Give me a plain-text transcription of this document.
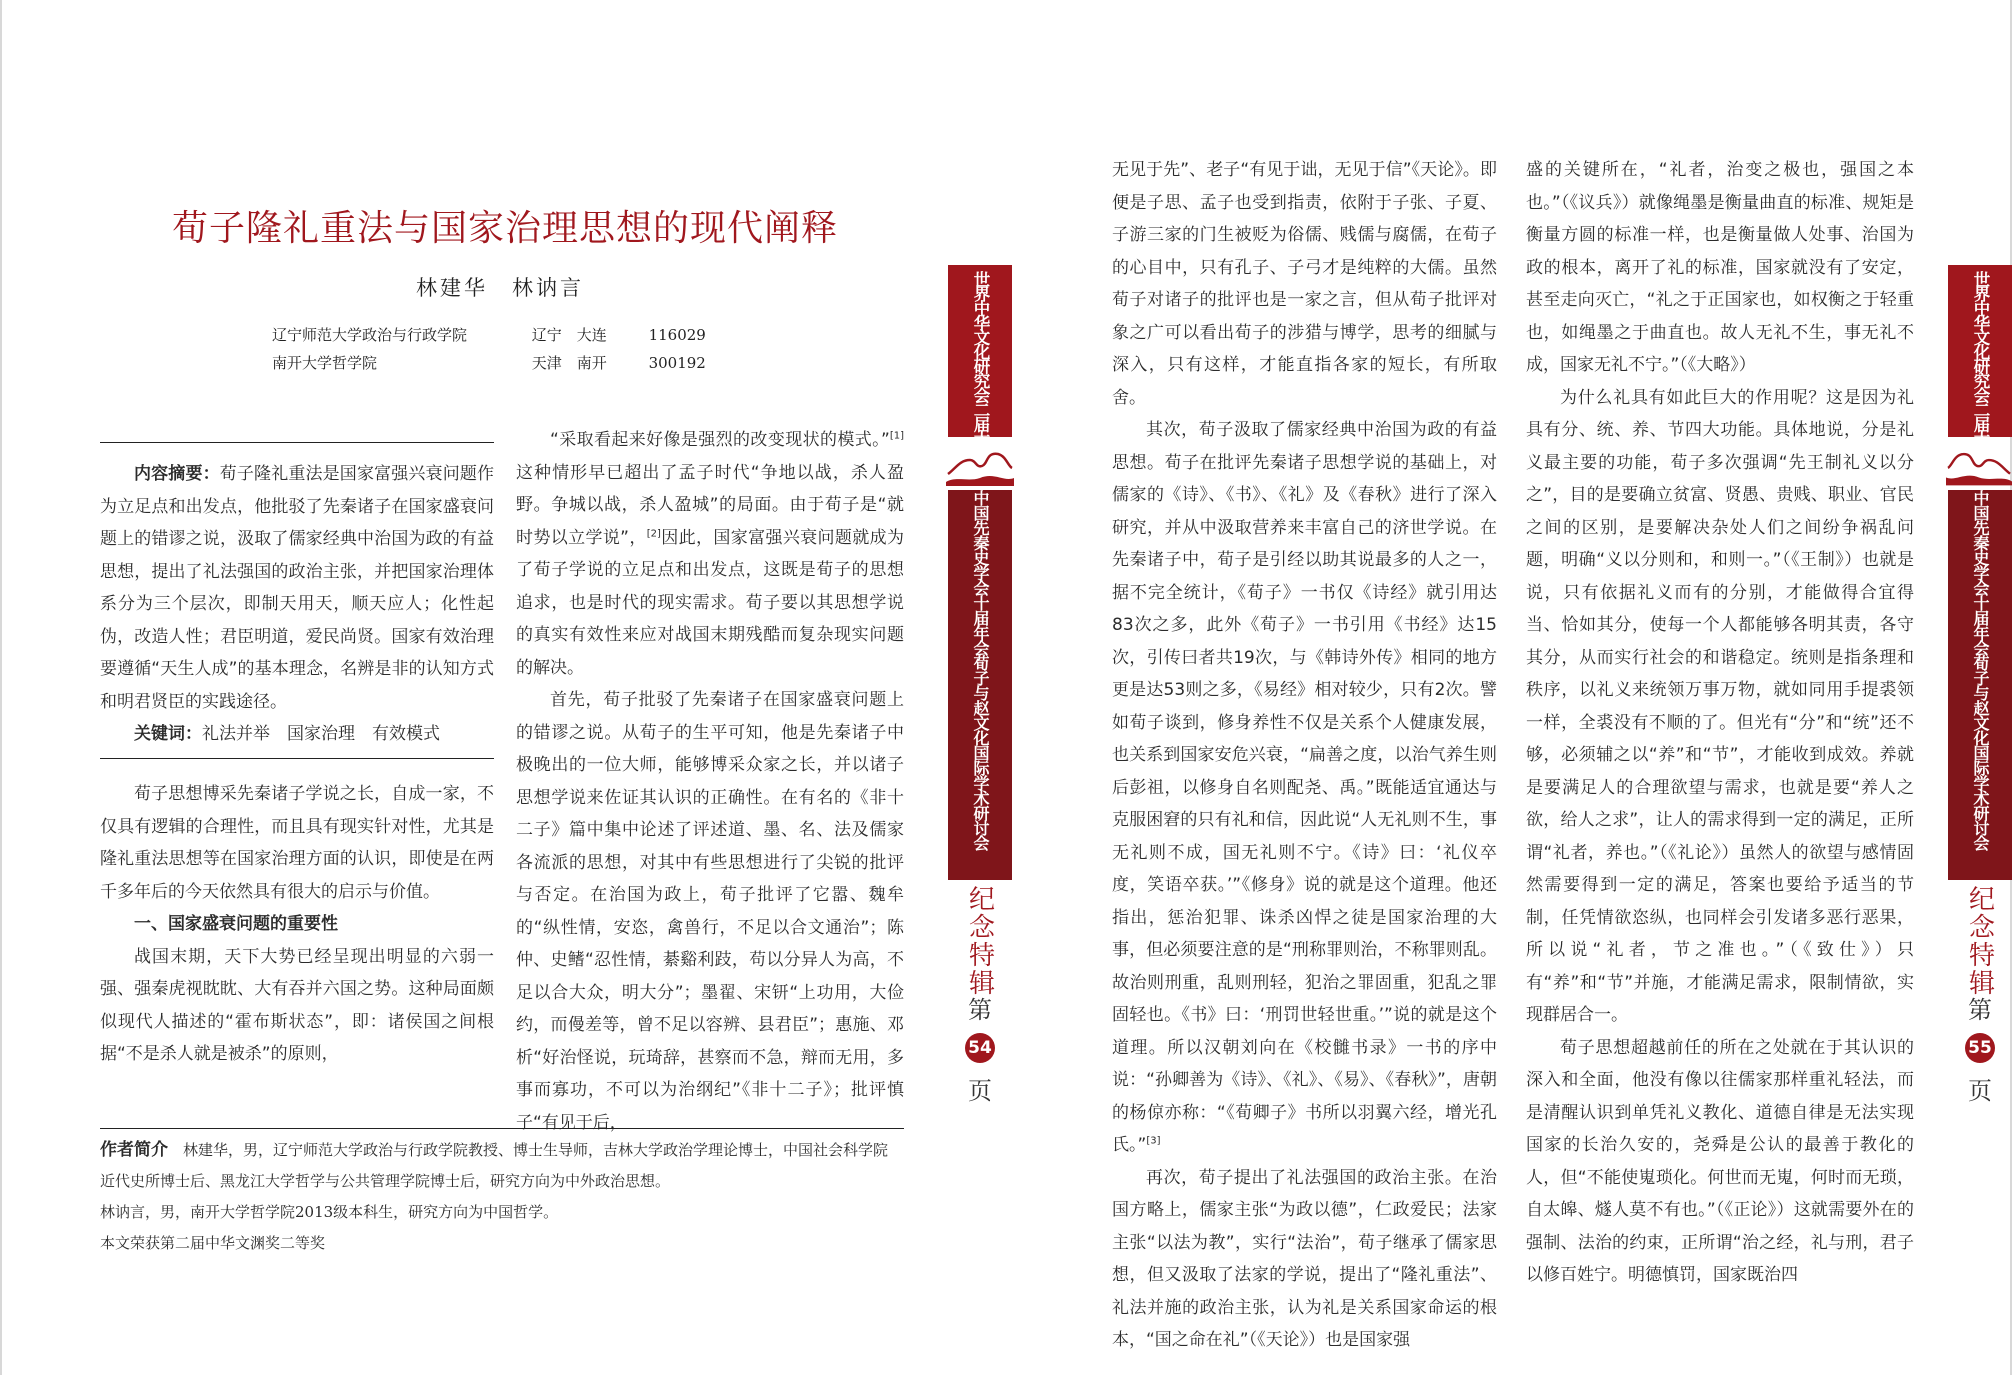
荀子隆礼重法与国家治理思想的现代阐释
林建华　林讷言
辽宁师范大学政治与行政学院	辽宁　大连	116029
南开大学哲学院	天津　南开	300192

内容摘要：荀子隆礼重法是国家富强兴衰问题作为立足点和出发点，他批驳了先秦诸子在国家盛衰问题上的错谬之说，汲取了儒家经典中治国为政的有益思想，提出了礼法强国的政治主张，并把国家治理体系分为三个层次，即制天用天，顺天应人；化性起伪，改造人性；君臣明道，爱民尚贤。国家有效治理要遵循“天生人成”的基本理念，名辨是非的认知方式和明君贤臣的实践途径。

关键词：礼法并举　国家治理　有效模式

荀子思想博采先秦诸子学说之长，自成一家，不仅具有逻辑的合理性，而且具有现实针对性，尤其是隆礼重法思想等在国家治理方面的认识，即使是在两千多年后的今天依然具有很大的启示与价值。

一、国家盛衰问题的重要性

战国末期，天下大势已经呈现出明显的六弱一强、强秦虎视眈眈、大有吞并六国之势。这种局面颇似现代人描述的“霍布斯状态”，即：诸侯国之间根据“不是杀人就是被杀”的原则，

“采取看起来好像是强烈的改变现状的模式。”[1]这种情形早已超出了孟子时代“争地以战，杀人盈野。争城以战，杀人盈城”的局面。由于荀子是“就时势以立学说”，[2]因此，国家富强兴衰问题就成为了荀子学说的立足点和出发点，这既是荀子的思想追求，也是时代的现实需求。荀子要以其思想学说的真实有效性来应对战国末期残酷而复杂现实问题的解决。

首先，荀子批驳了先秦诸子在国家盛衰问题上的错谬之说。从荀子的生平可知，他是先秦诸子中极晚出的一位大师，能够博采众家之长，并以诸子思想学说来佐证其认识的正确性。在有名的《非十二子》篇中集中论述了评述道、墨、名、法及儒家各流派的思想，对其中有些思想进行了尖锐的批评与否定。在治国为政上，荀子批评了它嚣、魏牟的“纵性情，安恣，禽兽行，不足以合文通治”；陈仲、史鳍“忍性情，綦谿利跂，苟以分异人为高，不足以合大众，明大分”；墨翟、宋钘“上功用，大俭约，而僈差等，曾不足以容辨、县君臣”；惠施、邓析“好治怪说，玩琦辞，甚察而不急，辩而无用，多事而寡功，不可以为治纲纪”《非十二子》；批评慎子“有见于后，

作者简介　 林建华，男，辽宁师范大学政治与行政学院教授、博士生导师，吉林大学政治学理论博士，中国社会科学院近代史所博士后、黑龙江大学哲学与公共管理学院博士后，研究方向为中外政治思想。

林讷言，男，南开大学哲学院2013级本科生，研究方向为中国哲学。

本文荣获第二届中华文渊奖二等奖

世界中华文化研究会二届大会
中国先秦史学会十届年会荀子与赵文化国际学术研讨会
纪念特辑
第
54
页

无见于先”、老子“有见于诎，无见于信”《天论》。即便是子思、孟子也受到指责，依附于子张、子夏、子游三家的门生被贬为俗儒、贱儒与腐儒，在荀子的心目中，只有孔子、子弓才是纯粹的大儒。虽然荀子对诸子的批评也是一家之言，但从荀子批评对象之广可以看出荀子的涉猎与博学，思考的细腻与深入，只有这样，才能直指各家的短长，有所取舍。

其次，荀子汲取了儒家经典中治国为政的有益思想。荀子在批评先秦诸子思想学说的基础上，对儒家的《诗》、《书》、《礼》及《春秋》进行了深入研究，并从中汲取营养来丰富自己的济世学说。在先秦诸子中，荀子是引经以助其说最多的人之一，据不完全统计，《荀子》一书仅《诗经》就引用达83次之多，此外《荀子》一书引用《书经》达15次，引传曰者共19次，与《韩诗外传》相同的地方更是达53则之多，《易经》相对较少，只有2次。譬如荀子谈到，修身养性不仅是关系个人健康发展，也关系到国家安危兴衰，“扁善之度，以治气养生则后彭祖，以修身自名则配尧、禹。”既能适宜通达与克服困窘的只有礼和信，因此说“人无礼则不生，事无礼则不成，国无礼则不宁。《诗》曰：‘礼仪卒度，笑语卒获。’”《修身》说的就是这个道理。他还指出，惩治犯罪、诛杀凶悍之徒是国家治理的大事，但必须要注意的是“刑称罪则治，不称罪则乱。故治则刑重，乱则刑轻，犯治之罪固重，犯乱之罪固轻也。《书》曰：‘刑罚世轻世重。’”说的就是这个道理。所以汉朝刘向在《校雠书录》一书的序中说：“孙卿善为《诗》、《礼》、《易》、《春秋》”，唐朝的杨倞亦称：“《荀卿子》书所以羽翼六经，增光孔氏。”[3]

再次，荀子提出了礼法强国的政治主张。在治国方略上，儒家主张“为政以德”，仁政爱民；法家主张“以法为教”，实行“法治”，荀子继承了儒家思想，但又汲取了法家的学说，提出了“隆礼重法”、礼法并施的政治主张，认为礼是关系国家命运的根本，“国之命在礼”（《天论》）也是国家强

盛的关键所在，“礼者，治变之极也，强国之本也。”（《议兵》）就像绳墨是衡量曲直的标准、规矩是衡量方圆的标准一样，也是衡量做人处事、治国为政的根本，离开了礼的标准，国家就没有了安定，甚至走向灭亡，“礼之于正国家也，如权衡之于轻重也，如绳墨之于曲直也。故人无礼不生，事无礼不成，国家无礼不宁。”（《大略》）

为什么礼具有如此巨大的作用呢？这是因为礼具有分、统、养、节四大功能。具体地说，分是礼义最主要的功能，荀子多次强调“先王制礼义以分之”，目的是要确立贫富、贤愚、贵贱、职业、官民之间的区别，是要解决杂处人们之间纷争祸乱问题，明确“义以分则和，和则一。”（《王制》）也就是说，只有依据礼义而有的分别，才能做得合宜得当、恰如其分，使每一个人都能够各明其责，各守其分，从而实行社会的和谐稳定。统则是指条理和秩序，以礼义来统领万事万物，就如同用手提裘领一样，全裘没有不顺的了。但光有“分”和“统”还不够，必须辅之以“养”和“节”，才能收到成效。养就是要满足人的合理欲望与需求，也就是要“养人之欲，给人之求”，让人的需求得到一定的满足，正所谓“礼者，养也。”（《礼论》）虽然人的欲望与感情固然需要得到一定的满足，答案也要给予适当的节制，任凭情欲恣纵，也同样会引发诸多恶行恶果，所以说“礼者，节之准也。”（《致仕》）只有“养”和“节”并施，才能满足需求，限制情欲，实现群居合一。

荀子思想超越前任的所在之处就在于其认识的深入和全面，他没有像以往儒家那样重礼轻法，而是清醒认识到单凭礼义教化、道德自律是无法实现国家的长治久安的，尧舜是公认的最善于教化的人，但“不能使嵬琐化。何世而无嵬，何时而无琐，自太皞、燧人莫不有也。”（《正论》）这就需要外在的强制、法治的约束，正所谓“治之经，礼与刑，君子以修百姓宁。明德慎罚，国家既治四

世界中华文化研究会二届大会
中国先秦史学会十届年会荀子与赵文化国际学术研讨会
纪念特辑
第
55
页
